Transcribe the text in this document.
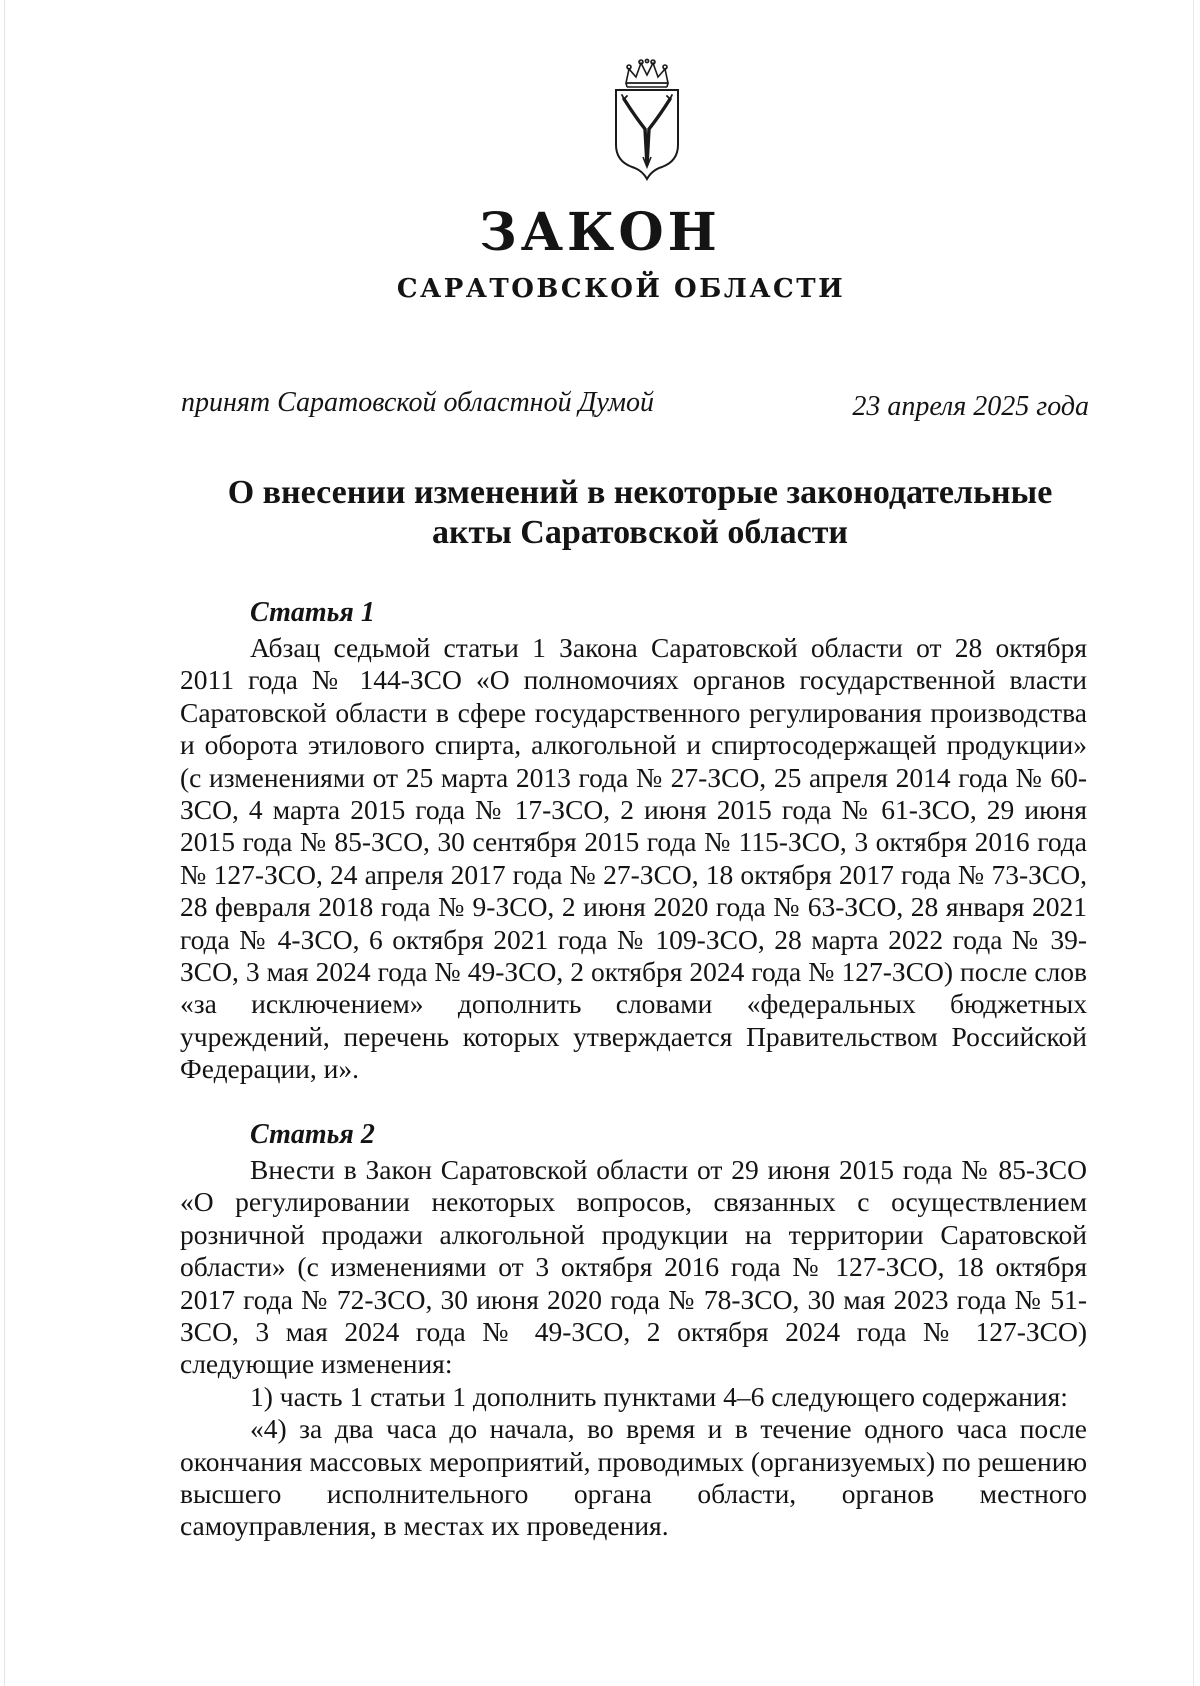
ЗАКОН
САРАТОВСКОЙ ОБЛАСТИ
принят Саратовской областной Думой	23 апреля 2025 года
О внесении изменений в некоторые законодательные
акты Саратовской области
Статья 1

Абзац седьмой статьи 1 Закона Саратовской области от 28 октября 2011 года № 144-ЗСО «О полномочиях органов государственной власти Саратовской области в сфере государственного регулирования производства и оборота этилового спирта, алкогольной и спиртосодержащей продукции» (с изменениями от 25 марта 2013 года № 27-ЗСО, 25 апреля 2014 года № 60-ЗСО, 4 марта 2015 года № 17-ЗСО, 2 июня 2015 года № 61-ЗСО, 29 июня 2015 года № 85-ЗСО, 30 сентября 2015 года № 115-ЗСО, 3 октября 2016 года № 127-ЗСО, 24 апреля 2017 года № 27-ЗСО, 18 октября 2017 года № 73-ЗСО, 28 февраля 2018 года № 9-ЗСО, 2 июня 2020 года № 63-ЗСО, 28 января 2021 года № 4-ЗСО, 6 октября 2021 года № 109-ЗСО, 28 марта 2022 года № 39-ЗСО, 3 мая 2024 года № 49-ЗСО, 2 октября 2024 года № 127-ЗСО) после слов «за исключением» дополнить словами «федеральных бюджетных учреждений, перечень которых утверждается Правительством Российской Федерации, и».

Статья 2

Внести в Закон Саратовской области от 29 июня 2015 года № 85-ЗСО «О регулировании некоторых вопросов, связанных с осуществлением розничной продажи алкогольной продукции на территории Саратовской области» (с изменениями от 3 октября 2016 года № 127-ЗСО, 18 октября 2017 года № 72-ЗСО, 30 июня 2020 года № 78-ЗСО, 30 мая 2023 года № 51-ЗСО, 3 мая 2024 года № 49-ЗСО, 2 октября 2024 года № 127-ЗСО) следующие изменения:

1) часть 1 статьи 1 дополнить пунктами 4–6 следующего содержания:

«4) за два часа до начала, во время и в течение одного часа после окончания массовых мероприятий, проводимых (организуемых) по решению высшего исполнительного органа области, органов местного самоуправления, в местах их проведения.
